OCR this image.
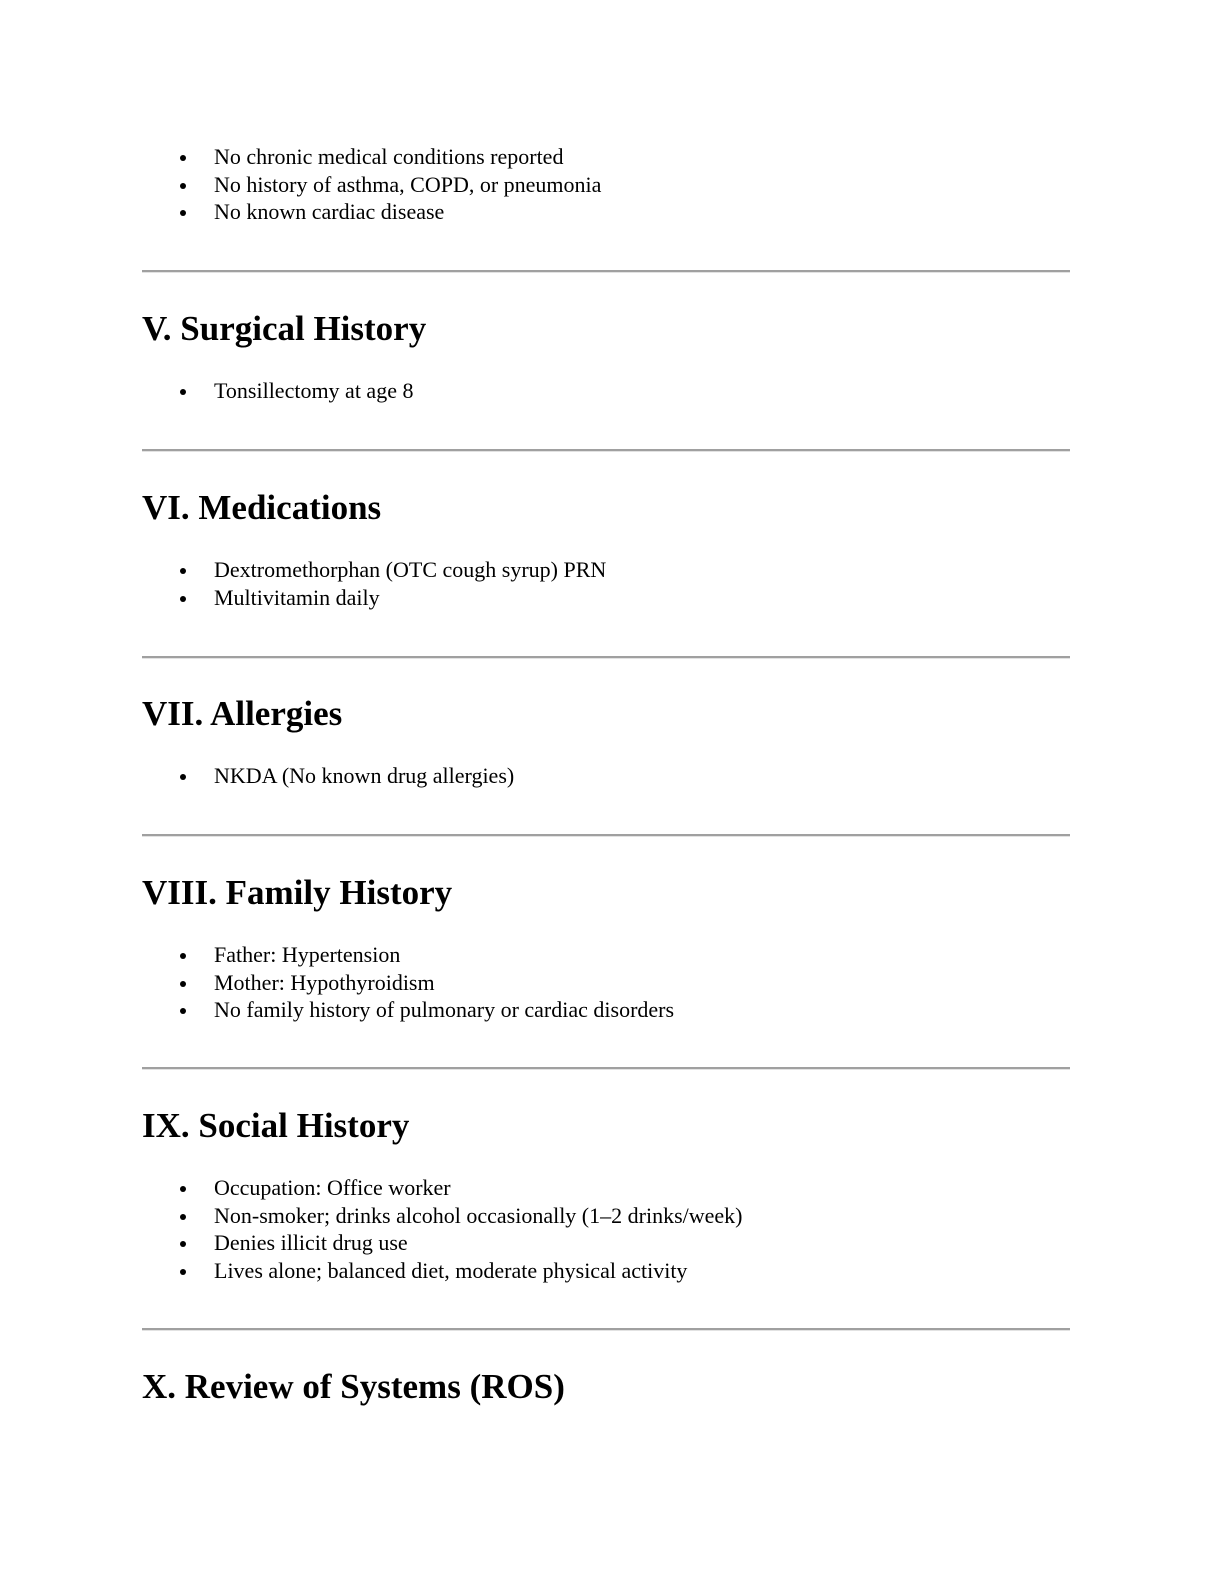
No chronic medical conditions reported
No history of asthma, COPD, or pneumonia
No known cardiac disease
V. Surgical History
Tonsillectomy at age 8
VI. Medications
Dextromethorphan (OTC cough syrup) PRN
Multivitamin daily
VII. Allergies
NKDA (No known drug allergies)
VIII. Family History
Father: Hypertension
Mother: Hypothyroidism
No family history of pulmonary or cardiac disorders
IX. Social History
Occupation: Office worker
Non-smoker; drinks alcohol occasionally (1–2 drinks/week)
Denies illicit drug use
Lives alone; balanced diet, moderate physical activity
X. Review of Systems (ROS)
